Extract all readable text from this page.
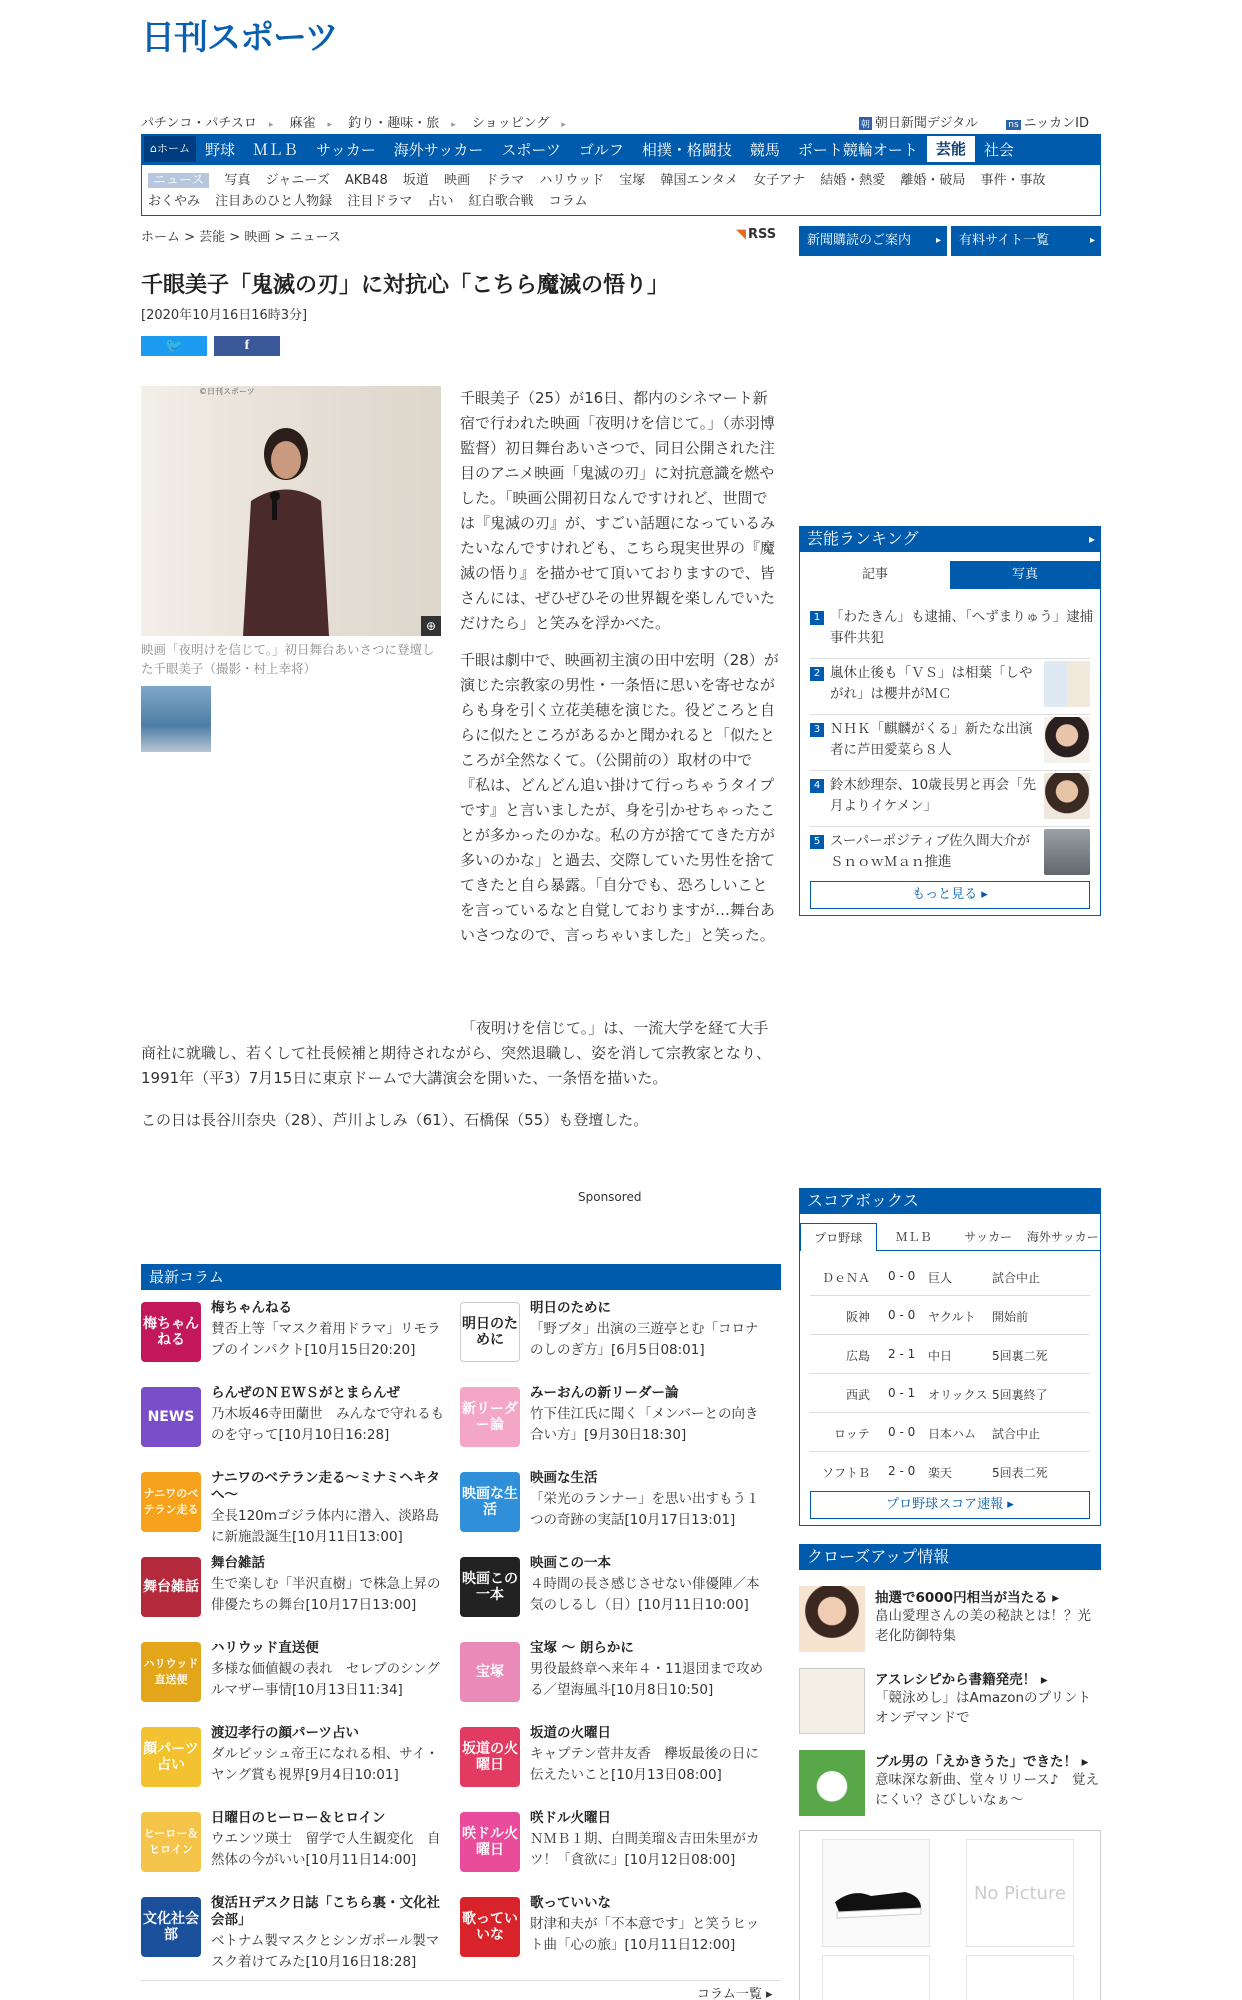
日刊スポーツ
パチンコ・パチスロ ▸ 麻雀 ▸ 釣り・趣味・旅 ▸ ショッピング ▸	朝 朝日新聞デジタル	ns ニッカンID
⌂ホーム	野球	ＭＬＢ	サッカー	海外サッカー	スポーツ	ゴルフ	相撲・格闘技	競馬	ボート競輪オート	芸能	社会
ニュース 写真 ジャニーズ AKB48 坂道 映画 ドラマ ハリウッド 宝塚 韓国エンタメ 女子アナ 結婚・熱愛 離婚・破局 事件・事故
おくやみ 注目あのひと人物録 注目ドラマ 占い 紅白歌合戦 コラム
ホーム > 芸能 > 映画 > ニュース	◥ RSS	新聞購読のご案内 ▸	有料サイト一覧 ▸
千眼美子「鬼滅の刃」に対抗心「こちら魔滅の悟り」
[2020年10月16日16時3分]
🐦	f
©日刊スポーツ
⊕
映画「夜明けを信じて。」初日舞台あいさつに登壇した千眼美子（撮影・村上幸将）

千眼美子（25）が16日、都内のシネマート新宿で行われた映画「夜明けを信じて。」（赤羽博監督）初日舞台あいさつで、同日公開された注目のアニメ映画「鬼滅の刃」に対抗意識を燃やした。「映画公開初日なんですけれど、世間では『鬼滅の刃』が、すごい話題になっているみたいなんですけれども、こちら現実世界の『魔滅の悟り』を描かせて頂いておりますので、皆さんには、ぜひぜひその世界観を楽しんでいただけたら」と笑みを浮かべた。

千眼は劇中で、映画初主演の田中宏明（28）が演じた宗教家の男性・一条悟に思いを寄せながらも身を引く立花美穂を演じた。役どころと自らに似たところがあるかと聞かれると「似たところが全然なくて。（公開前の）取材の中で『私は、どんどん追い掛けて行っちゃうタイプです』と言いましたが、身を引かせちゃったことが多かったのかな。私の方が捨ててきた方が多いのかな」と過去、交際していた男性を捨ててきたと自ら暴露。「自分でも、恐ろしいことを言っているなと自覚しておりますが…舞台あいさつなので、言っちゃいました」と笑った。

「夜明けを信じて。」は、一流大学を経て大手商社に就職し、若くして社長候補と期待されながら、突然退職し、姿を消して宗教家となり、1991年（平3）7月15日に東京ドームで大講演会を開いた、一条悟を描いた。
この日は長谷川奈央（28）、芦川よしみ（61）、石橋保（55）も登壇した。
Sponsored
芸能ランキング ▸
記事	写真
1 「わたきん」も逮捕、「へずまりゅう」逮捕事件共犯
2 嵐休止後も「ＶＳ」は相葉「しやがれ」は櫻井がＭＣ
3 ＮＨＫ「麒麟がくる」新たな出演者に芦田愛菜ら８人
4 鈴木紗理奈、10歳長男と再会「先月よりイケメン」
5 スーパーポジティブ佐久間大介がＳｎｏｗＭａｎ推進
もっと見る ▸
スコアボックス
プロ野球	ＭＬＢ	サッカー	海外サッカー
ＤｅＮＡ 0 - 0 巨人	試合中止
阪神 0 - 0 ヤクルト 開始前
広島 2 - 1 中日	5回裏二死
西武 0 - 1 オリックス 5回裏終了
ロッテ 0 - 0 日本ハム 試合中止
ソフトＢ 2 - 0 楽天	5回表二死
プロ野球スコア速報 ▸
クローズアップ情報
抽選で6000円相当が当たる ▸
畠山愛理さんの美の秘訣とは！？光老化防御特集
アスレシピから書籍発売！ ▸
「競泳めし」はAmazonのプリントオンデマンドで
ブル男の「えかきうた」できた！ ▸
意味深な新曲、堂々リリース♪　覚えにくい？さびしいなぁ～
No Picture
最新コラム
コラム一覧 ▸
梅ちゃんねる
梅ちゃんねる
賛否上等「マスク着用ドラマ」リモラブのインパクト[10月15日20:20]
明日のために
明日のために
「野ブタ」出演の三遊亭とむ「コロナのしのぎ方」[6月5日08:01]
NEWS
らんぜのＮＥＷＳがとまらんぜ
乃木坂46寺田蘭世　みんなで守れるものを守って[10月10日16:28]
新リーダー論
みーおんの新リーダー論
竹下佳江氏に聞く「メンバーとの向き合い方」[9月30日18:30]
ナニワのベテラン走る
ナニワのベテラン走る～ミナミヘキタへ～
全長120mゴジラ体内に潜入、淡路島に新施設誕生[10月11日13:00]
映画な生活
映画な生活
「栄光のランナー」を思い出すもう１つの奇跡の実話[10月17日13:01]
舞台雑話
舞台雑話
生で楽しむ「半沢直樹」で株急上昇の俳優たちの舞台[10月17日13:00]
映画この一本
映画この一本
４時間の長さ感じさせない俳優陣／本気のしるし（日）[10月11日10:00]
ハリウッド直送便
ハリウッド直送便
多様な価値観の表れ　セレブのシングルマザー事情[10月13日11:34]
宝塚
宝塚 ～ 朗らかに
男役最終章へ来年４・11退団まで攻める／望海風斗[10月8日10:50]
顔パーツ占い
渡辺孝行の顔パーツ占い
ダルビッシュ帝王になれる相、サイ・ヤング賞も視界[9月4日10:01]
坂道の火曜日
坂道の火曜日
キャプテン菅井友香　欅坂最後の日に伝えたいこと[10月13日08:00]
ヒーロー＆ヒロイン
日曜日のヒーロー＆ヒロイン
ウエンツ瑛士　留学で人生観変化　自然体の今がいい[10月11日14:00]
咲ドル火曜日
咲ドル火曜日
ＮＭＢ１期、白間美瑠＆吉田朱里がカツ！「貪欲に」[10月12日08:00]
文化社会部
復活Ｈデスク日誌「こちら裏・文化社会部」
ベトナム製マスクとシンガポール製マスク着けてみた[10月16日18:28]
歌っていいな
歌っていいな
財津和夫が「不本意です」と笑うヒット曲「心の旅」[10月11日12:00]
